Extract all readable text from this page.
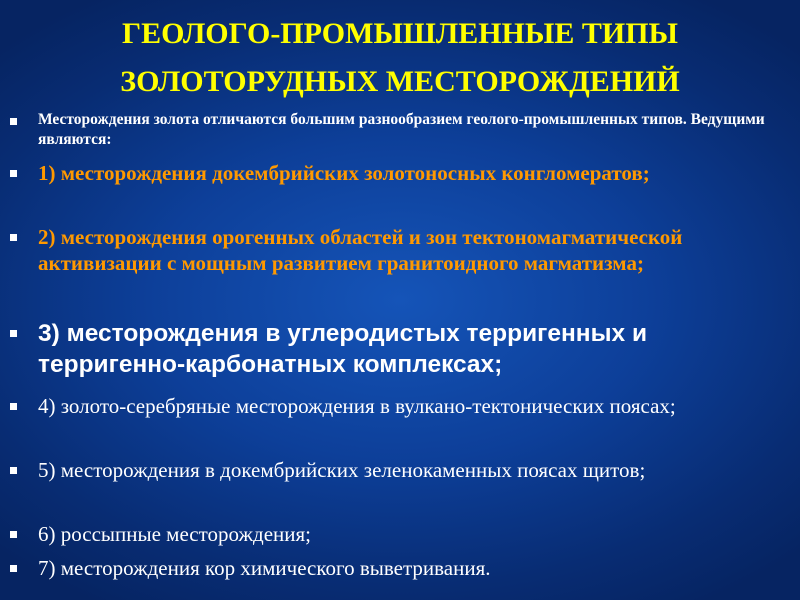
ГЕОЛОГО-ПРОМЫШЛЕННЫЕ ТИПЫ
ЗОЛОТОРУДНЫХ МЕСТОРОЖДЕНИЙ
Месторождения золота отличаются большим разнообразием геолого-промышленных типов. Ведущими являются:
1) месторождения докембрийских золотоносных конгломератов;
2) месторождения орогенных областей и зон тектономагматической активизации с мощным развитием гранитоидного магматизма;
3) месторождения в углеродистых терригенных и терригенно-карбонатных комплексах;
4) золото-серебряные месторождения в вулкано-тектонических поясах;
5) месторождения в докембрийских зеленокаменных поясах щитов;
6) россыпные месторождения;
7) месторождения кор химического выветривания.
